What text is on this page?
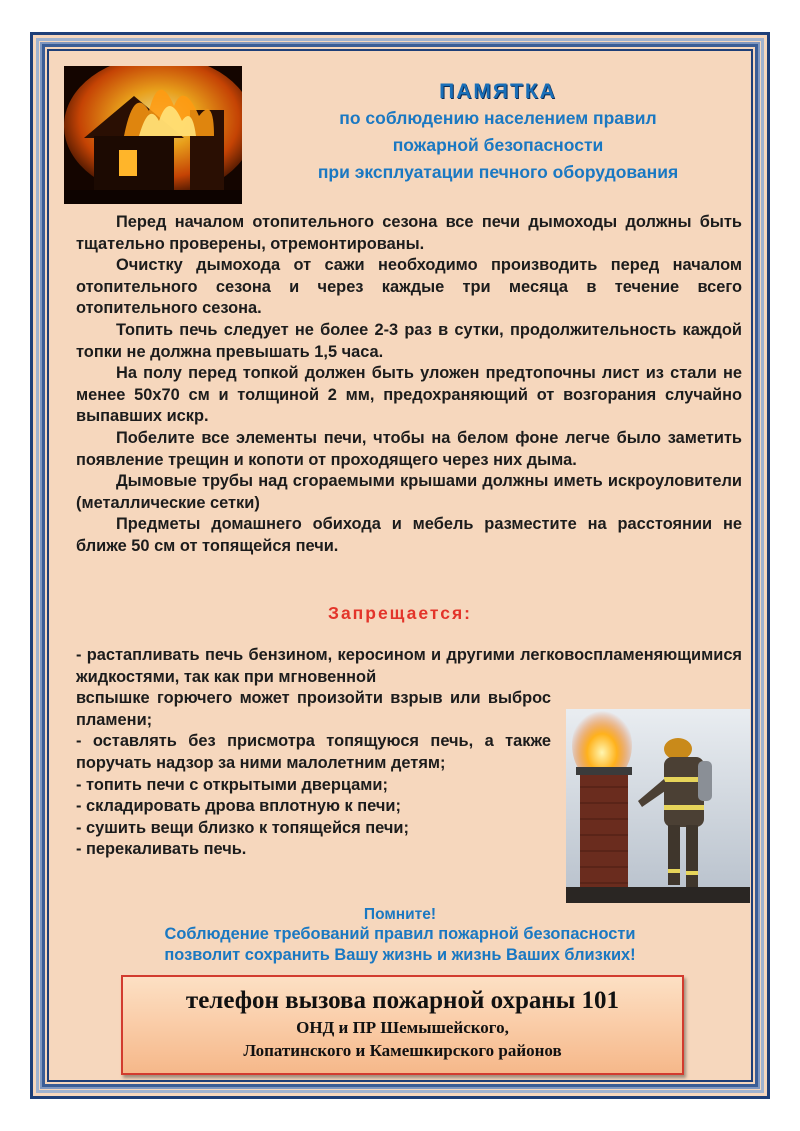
ПАМЯТКА
по соблюдению населением правил
пожарной безопасности
при эксплуатации печного оборудования

Перед началом отопительного сезона все печи дымоходы должны быть тщательно проверены, отремонтированы.

Очистку дымохода от сажи необходимо производить перед началом отопительного сезона и через каждые три месяца в течение всего отопительного сезона.

Топить печь следует не более 2-3 раз в сутки, продолжительность каждой топки не должна превышать 1,5 часа.

На полу перед топкой должен быть уложен предтопочны лист из стали не менее 50х70 см и толщиной 2 мм, предохраняющий от возгорания случайно выпавших искр.

Побелите все элементы печи, чтобы на белом фоне легче было заметить появление трещин и копоти от проходящего через них дыма.

Дымовые трубы над сгораемыми крышами должны иметь искроуловители (металлические сетки)

Предметы домашнего обихода и мебель разместите на расстоянии не ближе 50 см от топящейся печи.

Запрещается:

- растапливать печь бензином, керосином и другими легковоспламеняющимися жидкостями, так как при мгновенной

вспышке горючего может произойти взрыв или выброс пламени;

- оставлять без присмотра топящуюся печь, а также поручать надзор за ними малолетним детям;

- топить печи с открытыми дверцами;

- складировать дрова вплотную к печи;

- сушить вещи близко к топящейся печи;

- перекаливать печь.

Помните!
Соблюдение требований правил пожарной безопасности
позволит сохранить Вашу жизнь и жизнь Ваших близких!
телефон вызова пожарной охраны 101
ОНД и ПР Шемышейского,
Лопатинского и Камешкирского районов
